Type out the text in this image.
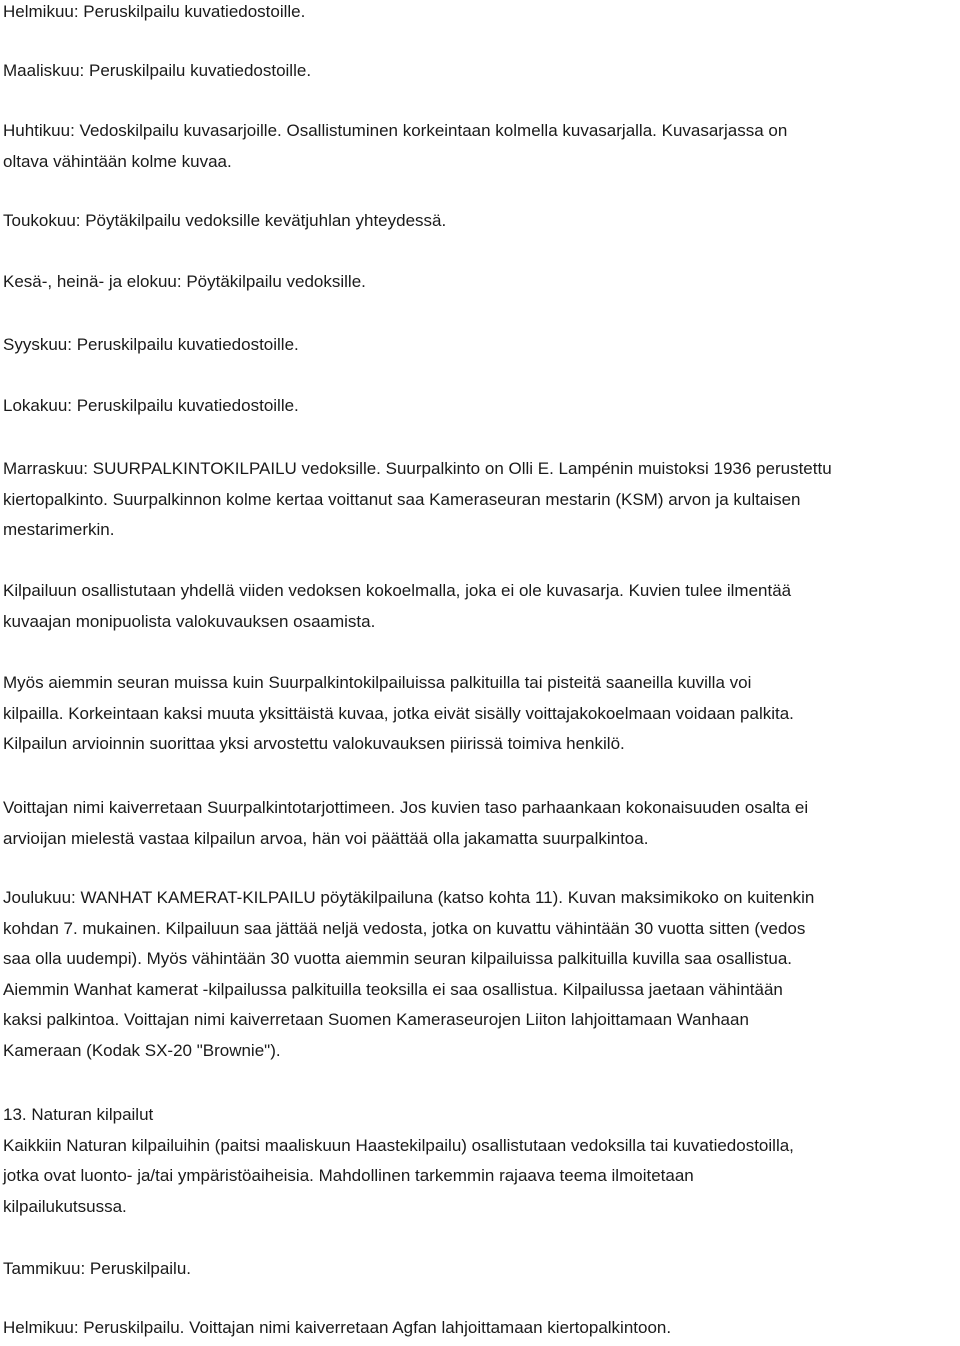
Helmikuu: Peruskilpailu kuvatiedostoille.
Maaliskuu: Peruskilpailu kuvatiedostoille.
Huhtikuu: Vedoskilpailu kuvasarjoille. Osallistuminen korkeintaan kolmella kuvasarjalla. Kuvasarjassa on
oltava vähintään kolme kuvaa.
Toukokuu: Pöytäkilpailu vedoksille kevätjuhlan yhteydessä.
Kesä-, heinä- ja elokuu: Pöytäkilpailu vedoksille.
Syyskuu: Peruskilpailu kuvatiedostoille.
Lokakuu: Peruskilpailu kuvatiedostoille.
Marraskuu: SUURPALKINTOKILPAILU vedoksille. Suurpalkinto on Olli E. Lampénin muistoksi 1936 perustettu
kiertopalkinto. Suurpalkinnon kolme kertaa voittanut saa Kameraseuran mestarin (KSM) arvon ja kultaisen
mestarimerkin.
Kilpailuun osallistutaan yhdellä viiden vedoksen kokoelmalla, joka ei ole kuvasarja. Kuvien tulee ilmentää
kuvaajan monipuolista valokuvauksen osaamista.
Myös aiemmin seuran muissa kuin Suurpalkintokilpailuissa palkituilla tai pisteitä saaneilla kuvilla voi
kilpailla. Korkeintaan kaksi muuta yksittäistä kuvaa, jotka eivät sisälly voittajakokoelmaan voidaan palkita.
Kilpailun arvioinnin suorittaa yksi arvostettu valokuvauksen piirissä toimiva henkilö.
Voittajan nimi kaiverretaan Suurpalkintotarjottimeen. Jos kuvien taso parhaankaan kokonaisuuden osalta ei
arvioijan mielestä vastaa kilpailun arvoa, hän voi päättää olla jakamatta suurpalkintoa.
Joulukuu: WANHAT KAMERAT-KILPAILU pöytäkilpailuna (katso kohta 11). Kuvan maksimikoko on kuitenkin
kohdan 7. mukainen. Kilpailuun saa jättää neljä vedosta, jotka on kuvattu vähintään 30 vuotta sitten (vedos
saa olla uudempi). Myös vähintään 30 vuotta aiemmin seuran kilpailuissa palkituilla kuvilla saa osallistua.
Aiemmin Wanhat kamerat -kilpailussa palkituilla teoksilla ei saa osallistua. Kilpailussa jaetaan vähintään
kaksi palkintoa. Voittajan nimi kaiverretaan Suomen Kameraseurojen Liiton lahjoittamaan Wanhaan
Kameraan (Kodak SX-20 "Brownie").
13. Naturan kilpailut
Kaikkiin Naturan kilpailuihin (paitsi maaliskuun Haastekilpailu) osallistutaan vedoksilla tai kuvatiedostoilla,
jotka ovat luonto- ja/tai ympäristöaiheisia. Mahdollinen tarkemmin rajaava teema ilmoitetaan
kilpailukutsussa.
Tammikuu: Peruskilpailu.
Helmikuu: Peruskilpailu. Voittajan nimi kaiverretaan Agfan lahjoittamaan kiertopalkintoon.
